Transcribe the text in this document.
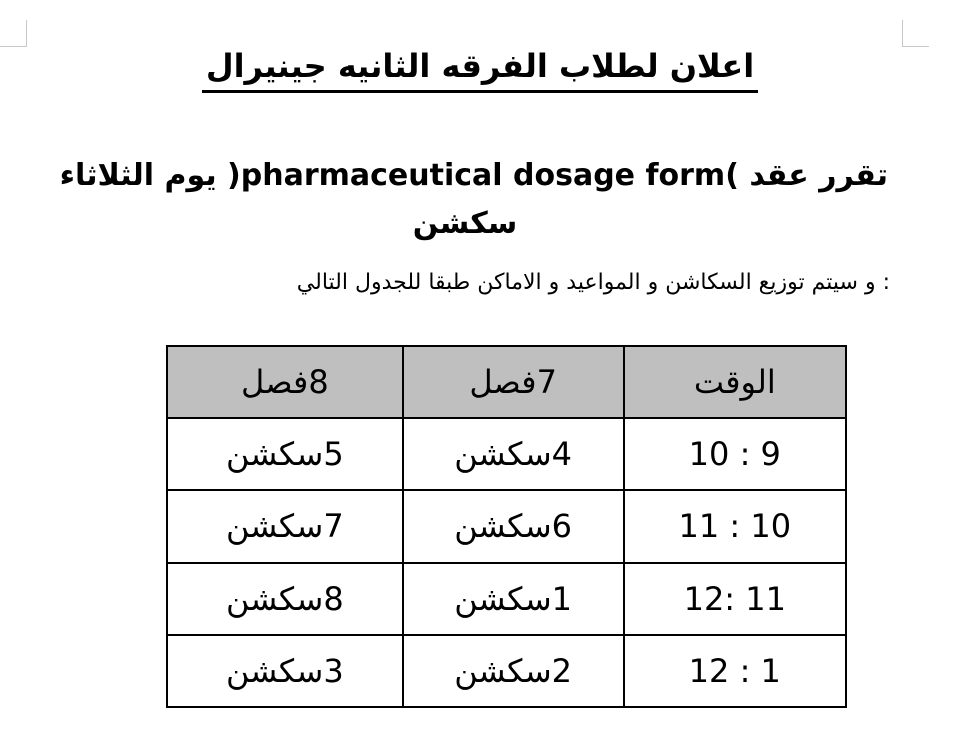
اعلان لطلاب الفرقه الثانيه جينيرال
تقرر عقد )pharmaceutical dosage form( يوم الثلاثاء
سكشن
: و سيتم توزيع السكاشن و المواعيد و الاماكن طبقا للجدول التالي
الوقت	7فصل	8فصل
10 : 9	4سكشن	5سكشن
11 : 10	6سكشن	7سكشن
12: 11	1سكشن	8سكشن
12 : 1	2سكشن	3سكشن
